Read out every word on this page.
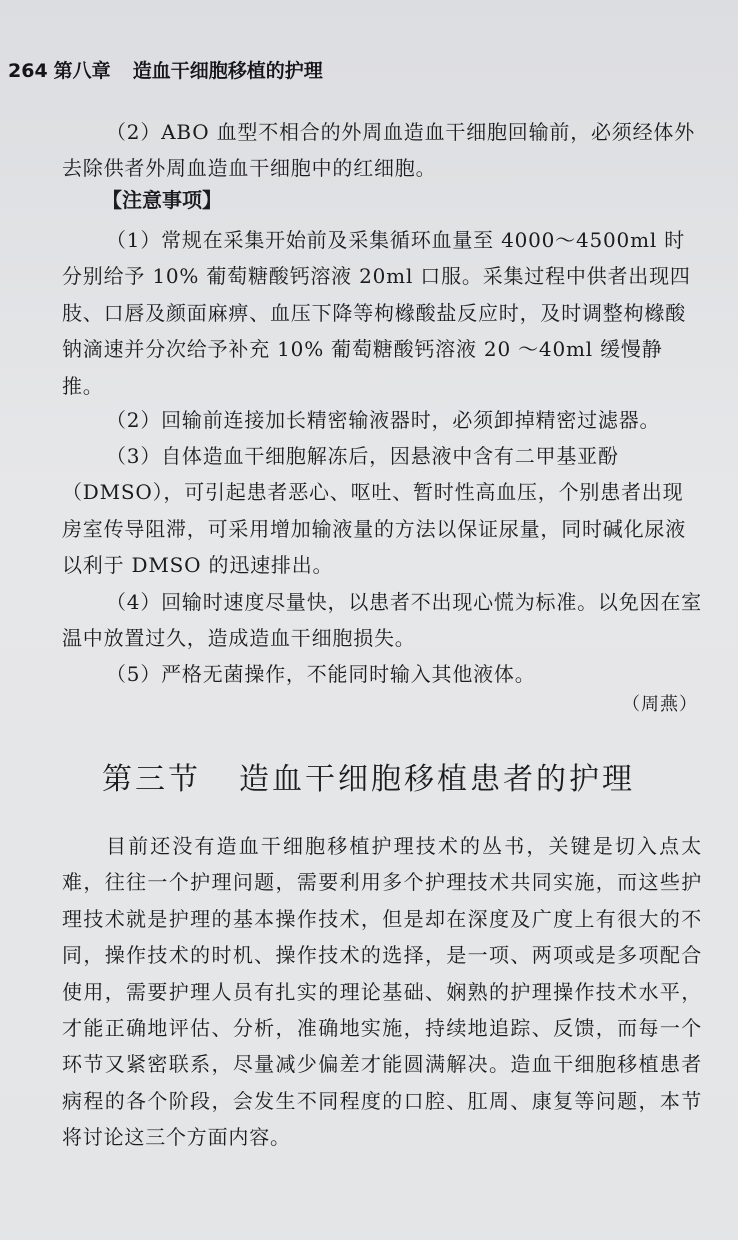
264 第八章 造血干细胞移植的护理

（2）ABO 血型不相合的外周血造血干细胞回输前，必须经体外去除供者外周血造血干细胞中的红细胞。

【注意事项】

（1）常规在采集开始前及采集循环血量至 4000～4500ml 时分别给予 10% 葡萄糖酸钙溶液 20ml 口服。采集过程中供者出现四肢、口唇及颜面麻痹、血压下降等枸橼酸盐反应时，及时调整枸橼酸钠滴速并分次给予补充 10% 葡萄糖酸钙溶液 20 ～40ml 缓慢静推。

（2）回输前连接加长精密输液器时，必须卸掉精密过滤器。

（3）自体造血干细胞解冻后，因悬液中含有二甲基亚酚（DMSO），可引起患者恶心、呕吐、暂时性高血压，个别患者出现房室传导阻滞，可采用增加输液量的方法以保证尿量，同时碱化尿液以利于 DMSO 的迅速排出。

（4）回输时速度尽量快，以患者不出现心慌为标准。以免因在室温中放置过久，造成造血干细胞损失。

（5）严格无菌操作，不能同时输入其他液体。

（周燕）
第三节 造血干细胞移植患者的护理

目前还没有造血干细胞移植护理技术的丛书，关键是切入点太难，往往一个护理问题，需要利用多个护理技术共同实施，而这些护理技术就是护理的基本操作技术，但是却在深度及广度上有很大的不同，操作技术的时机、操作技术的选择，是一项、两项或是多项配合使用，需要护理人员有扎实的理论基础、娴熟的护理操作技术水平，才能正确地评估、分析，准确地实施，持续地追踪、反馈，而每一个环节又紧密联系，尽量减少偏差才能圆满解决。造血干细胞移植患者病程的各个阶段，会发生不同程度的口腔、肛周、康复等问题，本节将讨论这三个方面内容。
